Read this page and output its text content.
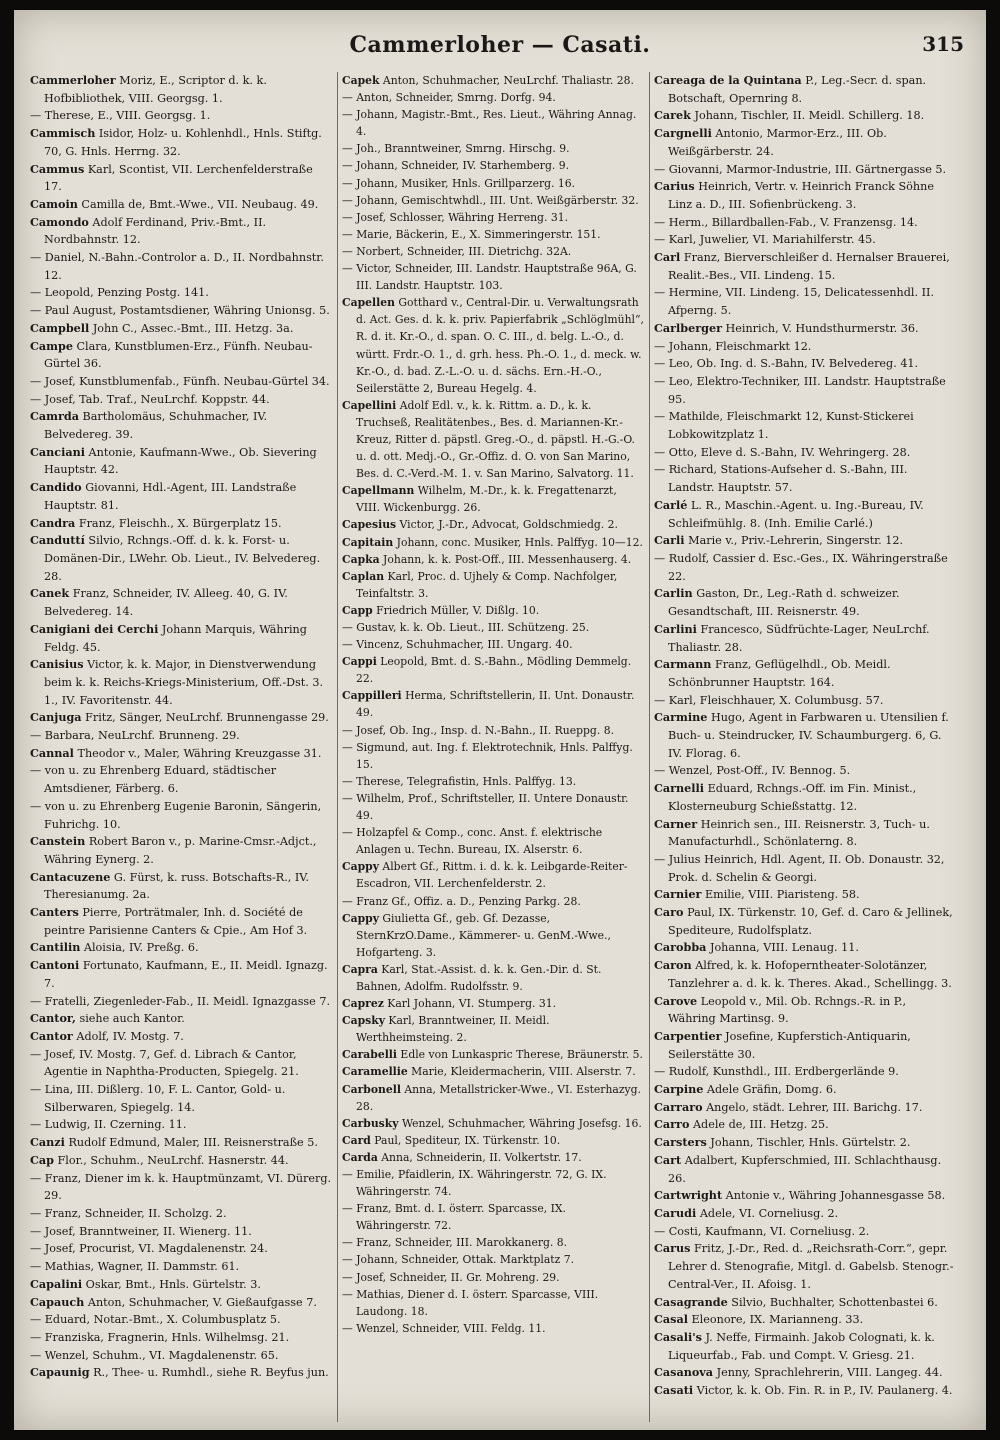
Cammerloher — Casati.	315
Cammerloher Moriz, E., Scriptor d. k. k. Hofbibliothek, VIII. Georgsg. 1.
— Therese, E., VIII. Georgsg. 1.
Cammisch Isidor, Holz- u. Kohlenhdl., Hnls. Stiftg. 70, G. Hnls. Herrng. 32.
Cammus Karl, Scontist, VII. Lerchenfelderstraße 17.
Camoin Camilla de, Bmt.-Wwe., VII. Neubaug. 49.
Camondo Adolf Ferdinand, Priv.-Bmt., II. Nordbahnstr. 12.
— Daniel, N.-Bahn.-Controlor a. D., II. Nordbahnstr. 12.
— Leopold, Penzing Postg. 141.
— Paul August, Postamtsdiener, Währing Unionsg. 5.
Campbell John C., Assec.-Bmt., III. Hetzg. 3a.
Campe Clara, Kunstblumen-Erz., Fünfh. Neubau-Gürtel 36.
— Josef, Kunstblumenfab., Fünfh. Neubau-Gürtel 34.
— Josef, Tab. Traf., NeuLrchf. Koppstr. 44.
Camrda Bartholomäus, Schuhmacher, IV. Belvedereg. 39.
Canciani Antonie, Kaufmann-Wwe., Ob. Sievering Hauptstr. 42.
Candido Giovanni, Hdl.-Agent, III. Landstraße Hauptstr. 81.
Candra Franz, Fleischh., X. Bürgerplatz 15.
Canduttí Silvio, Rchngs.-Off. d. k. k. Forst- u. Domänen-Dir., LWehr. Ob. Lieut., IV. Belvedereg. 28.
Canek Franz, Schneider, IV. Alleeg. 40, G. IV. Belvedereg. 14.
Canigiani dei Cerchi Johann Marquis, Währing Feldg. 45.
Canisius Victor, k. k. Major, in Dienstverwendung beim k. k. Reichs-Kriegs-Ministerium, Off.-Dst. 3. 1., IV. Favoritenstr. 44.
Canjuga Fritz, Sänger, NeuLrchf. Brunnengasse 29.
— Barbara, NeuLrchf. Brunneng. 29.
Cannal Theodor v., Maler, Währing Kreuzgasse 31.
— von u. zu Ehrenberg Eduard, städtischer Amtsdiener, Färberg. 6.
— von u. zu Ehrenberg Eugenie Baronin, Sängerin, Fuhrichg. 10.
Canstein Robert Baron v., p. Marine-Cmsr.-Adjct., Währing Eynerg. 2.
Cantacuzene G. Fürst, k. russ. Botschafts-R., IV. Theresianumg. 2a.
Canters Pierre, Porträtmaler, Inh. d. Société de peintre Parisienne Canters & Cpie., Am Hof 3.
Cantilin Aloisia, IV. Preßg. 6.
Cantoni Fortunato, Kaufmann, E., II. Meidl. Ignazg. 7.
— Fratelli, Ziegenleder-Fab., II. Meidl. Ignazgasse 7.
Cantor, siehe auch Kantor.
Cantor Adolf, IV. Mostg. 7.
— Josef, IV. Mostg. 7, Gef. d. Librach & Cantor, Agentie in Naphtha-Producten, Spiegelg. 21.
— Lina, III. Dißlerg. 10, F. L. Cantor, Gold- u. Silberwaren, Spiegelg. 14.
— Ludwig, II. Czerning. 11.
Canzi Rudolf Edmund, Maler, III. Reisnerstraße 5.
Cap Flor., Schuhm., NeuLrchf. Hasnerstr. 44.
— Franz, Diener im k. k. Hauptmünzamt, VI. Dürerg. 29.
— Franz, Schneider, II. Scholzg. 2.
— Josef, Branntweiner, II. Wienerg. 11.
— Josef, Procurist, VI. Magdalenenstr. 24.
— Mathias, Wagner, II. Dammstr. 61.
Capalini Oskar, Bmt., Hnls. Gürtelstr. 3.
Capauch Anton, Schuhmacher, V. Gießaufgasse 7.
— Eduard, Notar.-Bmt., X. Columbusplatz 5.
— Franziska, Fragnerin, Hnls. Wilhelmsg. 21.
— Wenzel, Schuhm., VI. Magdalenenstr. 65.
Capaunig R., Thee- u. Rumhdl., siehe R. Beyfus jun.
Capek Anton, Schuhmacher, NeuLrchf. Thaliastr. 28.
— Anton, Schneider, Smrng. Dorfg. 94.
— Johann, Magistr.-Bmt., Res. Lieut., Währing Annag. 4.
— Joh., Branntweiner, Smrng. Hirschg. 9.
— Johann, Schneider, IV. Starhemberg. 9.
— Johann, Musiker, Hnls. Grillparzerg. 16.
— Johann, Gemischtwhdl., III. Unt. Weißgärberstr. 32.
— Josef, Schlosser, Währing Herreng. 31.
— Marie, Bäckerin, E., X. Simmeringerstr. 151.
— Norbert, Schneider, III. Dietrichg. 32A.
— Victor, Schneider, III. Landstr. Hauptstraße 96A, G. III. Landstr. Hauptstr. 103.
Capellen Gotthard v., Central-Dir. u. Verwaltungsrath d. Act. Ges. d. k. k. priv. Papierfabrik „Schlöglmühl“, R. d. it. Kr.-O., d. span. O. C. III., d. belg. L.-O., d. württ. Frdr.-O. 1., d. grh. hess. Ph.-O. 1., d. meck. w. Kr.-O., d. bad. Z.-L.-O. u. d. sächs. Ern.-H.-O., Seilerstätte 2, Bureau Hegelg. 4.
Capellini Adolf Edl. v., k. k. Rittm. a. D., k. k. Truchseß, Realitätenbes., Bes. d. Mariannen-Kr.-Kreuz, Ritter d. päpstl. Greg.-O., d. päpstl. H.-G.-O. u. d. ott. Medj.-O., Gr.-Offiz. d. O. von San Marino, Bes. d. C.-Verd.-M. 1. v. San Marino, Salvatorg. 11.
Capellmann Wilhelm, M.-Dr., k. k. Fregattenarzt, VIII. Wickenburgg. 26.
Capesius Victor, J.-Dr., Advocat, Goldschmiedg. 2.
Capitain Johann, conc. Musiker, Hnls. Palffyg. 10—12.
Capka Johann, k. k. Post-Off., III. Messenhauserg. 4.
Caplan Karl, Proc. d. Ujhely & Comp. Nachfolger, Teinfaltstr. 3.
Capp Friedrich Müller, V. Dißlg. 10.
— Gustav, k. k. Ob. Lieut., III. Schützeng. 25.
— Vincenz, Schuhmacher, III. Ungarg. 40.
Cappi Leopold, Bmt. d. S.-Bahn., Mödling Demmelg. 22.
Cappilleri Herma, Schriftstellerin, II. Unt. Donaustr. 49.
— Josef, Ob. Ing., Insp. d. N.-Bahn., II. Rueppg. 8.
— Sigmund, aut. Ing. f. Elektrotechnik, Hnls. Palffyg. 15.
— Therese, Telegrafistin, Hnls. Palffyg. 13.
— Wilhelm, Prof., Schriftsteller, II. Untere Donaustr. 49.
— Holzapfel & Comp., conc. Anst. f. elektrische Anlagen u. Techn. Bureau, IX. Alserstr. 6.
Cappy Albert Gf., Rittm. i. d. k. k. Leibgarde-Reiter-Escadron, VII. Lerchenfelderstr. 2.
— Franz Gf., Offiz. a. D., Penzing Parkg. 28.
Cappy Giulietta Gf., geb. Gf. Dezasse, SternKrzO.Dame., Kämmerer- u. GenM.-Wwe., Hofgarteng. 3.
Capra Karl, Stat.-Assist. d. k. k. Gen.-Dir. d. St. Bahnen, Adolfm. Rudolfsstr. 9.
Caprez Karl Johann, VI. Stumperg. 31.
Capsky Karl, Branntweiner, II. Meidl. Werthheimsteing. 2.
Carabelli Edle von Lunkaspric Therese, Bräunerstr. 5.
Caramellie Marie, Kleidermacherin, VIII. Alserstr. 7.
Carbonell Anna, Metallstricker-Wwe., VI. Esterhazyg. 28.
Carbusky Wenzel, Schuhmacher, Währing Josefsg. 16.
Card Paul, Spediteur, IX. Türkenstr. 10.
Carda Anna, Schneiderin, II. Volkertstr. 17.
— Emilie, Pfaidlerin, IX. Währingerstr. 72, G. IX. Währingerstr. 74.
— Franz, Bmt. d. I. österr. Sparcasse, IX. Währingerstr. 72.
— Franz, Schneider, III. Marokkanerg. 8.
— Johann, Schneider, Ottak. Marktplatz 7.
— Josef, Schneider, II. Gr. Mohreng. 29.
— Mathias, Diener d. I. österr. Sparcasse, VIII. Laudong. 18.
— Wenzel, Schneider, VIII. Feldg. 11.
Careaga de la Quintana P., Leg.-Secr. d. span. Botschaft, Opernring 8.
Carek Johann, Tischler, II. Meidl. Schillerg. 18.
Cargnelli Antonio, Marmor-Erz., III. Ob. Weißgärberstr. 24.
— Giovanni, Marmor-Industrie, III. Gärtnergasse 5.
Carius Heinrich, Vertr. v. Heinrich Franck Söhne Linz a. D., III. Sofienbrückeng. 3.
— Herm., Billardballen-Fab., V. Franzensg. 14.
— Karl, Juwelier, VI. Mariahilferstr. 45.
Carl Franz, Bierverschleißer d. Hernalser Brauerei, Realit.-Bes., VII. Lindeng. 15.
— Hermine, VII. Lindeng. 15, Delicatessenhdl. II. Afperng. 5.
Carlberger Heinrich, V. Hundsthurmerstr. 36.
— Johann, Fleischmarkt 12.
— Leo, Ob. Ing. d. S.-Bahn, IV. Belvedereg. 41.
— Leo, Elektro-Techniker, III. Landstr. Hauptstraße 95.
— Mathilde, Fleischmarkt 12, Kunst-Stickerei Lobkowitzplatz 1.
— Otto, Eleve d. S.-Bahn, IV. Wehringerg. 28.
— Richard, Stations-Aufseher d. S.-Bahn, III. Landstr. Hauptstr. 57.
Carlé L. R., Maschin.-Agent. u. Ing.-Bureau, IV. Schleifmühlg. 8. (Inh. Emilie Carlé.)
Carli Marie v., Priv.-Lehrerin, Singerstr. 12.
— Rudolf, Cassier d. Esc.-Ges., IX. Währingerstraße 22.
Carlin Gaston, Dr., Leg.-Rath d. schweizer. Gesandtschaft, III. Reisnerstr. 49.
Carlini Francesco, Südfrüchte-Lager, NeuLrchf. Thaliastr. 28.
Carmann Franz, Geflügelhdl., Ob. Meidl. Schönbrunner Hauptstr. 164.
— Karl, Fleischhauer, X. Columbusg. 57.
Carmine Hugo, Agent in Farbwaren u. Utensilien f. Buch- u. Steindrucker, IV. Schaumburgerg. 6, G. IV. Florag. 6.
— Wenzel, Post-Off., IV. Bennog. 5.
Carnelli Eduard, Rchngs.-Off. im Fin. Minist., Klosterneuburg Schießstattg. 12.
Carner Heinrich sen., III. Reisnerstr. 3, Tuch- u. Manufacturhdl., Schönlaterng. 8.
— Julius Heinrich, Hdl. Agent, II. Ob. Donaustr. 32, Prok. d. Schelin & Georgi.
Carnier Emilie, VIII. Piaristeng. 58.
Caro Paul, IX. Türkenstr. 10, Gef. d. Caro & Jellinek, Spediteure, Rudolfsplatz.
Carobba Johanna, VIII. Lenaug. 11.
Caron Alfred, k. k. Hofoperntheater-Solotänzer, Tanzlehrer a. d. k. k. Theres. Akad., Schellingg. 3.
Carove Leopold v., Mil. Ob. Rchngs.-R. in P., Währing Martinsg. 9.
Carpentier Josefine, Kupferstich-Antiquarin, Seilerstätte 30.
— Rudolf, Kunsthdl., III. Erdbergerlände 9.
Carpine Adele Gräfin, Domg. 6.
Carraro Angelo, städt. Lehrer, III. Barichg. 17.
Carro Adele de, III. Hetzg. 25.
Carsters Johann, Tischler, Hnls. Gürtelstr. 2.
Cart Adalbert, Kupferschmied, III. Schlachthausg. 26.
Cartwright Antonie v., Währing Johannesgasse 58.
Carudi Adele, VI. Corneliusg. 2.
— Costi, Kaufmann, VI. Corneliusg. 2.
Carus Fritz, J.-Dr., Red. d. „Reichsrath-Corr.“, gepr. Lehrer d. Stenografie, Mitgl. d. Gabelsb. Stenogr.-Central-Ver., II. Afoisg. 1.
Casagrande Silvio, Buchhalter, Schottenbastei 6.
Casal Eleonore, IX. Marianneng. 33.
Casali's J. Neffe, Firmainh. Jakob Colognati, k. k. Liqueurfab., Fab. und Compt. V. Griesg. 21.
Casanova Jenny, Sprachlehrerin, VIII. Langeg. 44.
Casati Victor, k. k. Ob. Fin. R. in P., IV. Paulanerg. 4.
